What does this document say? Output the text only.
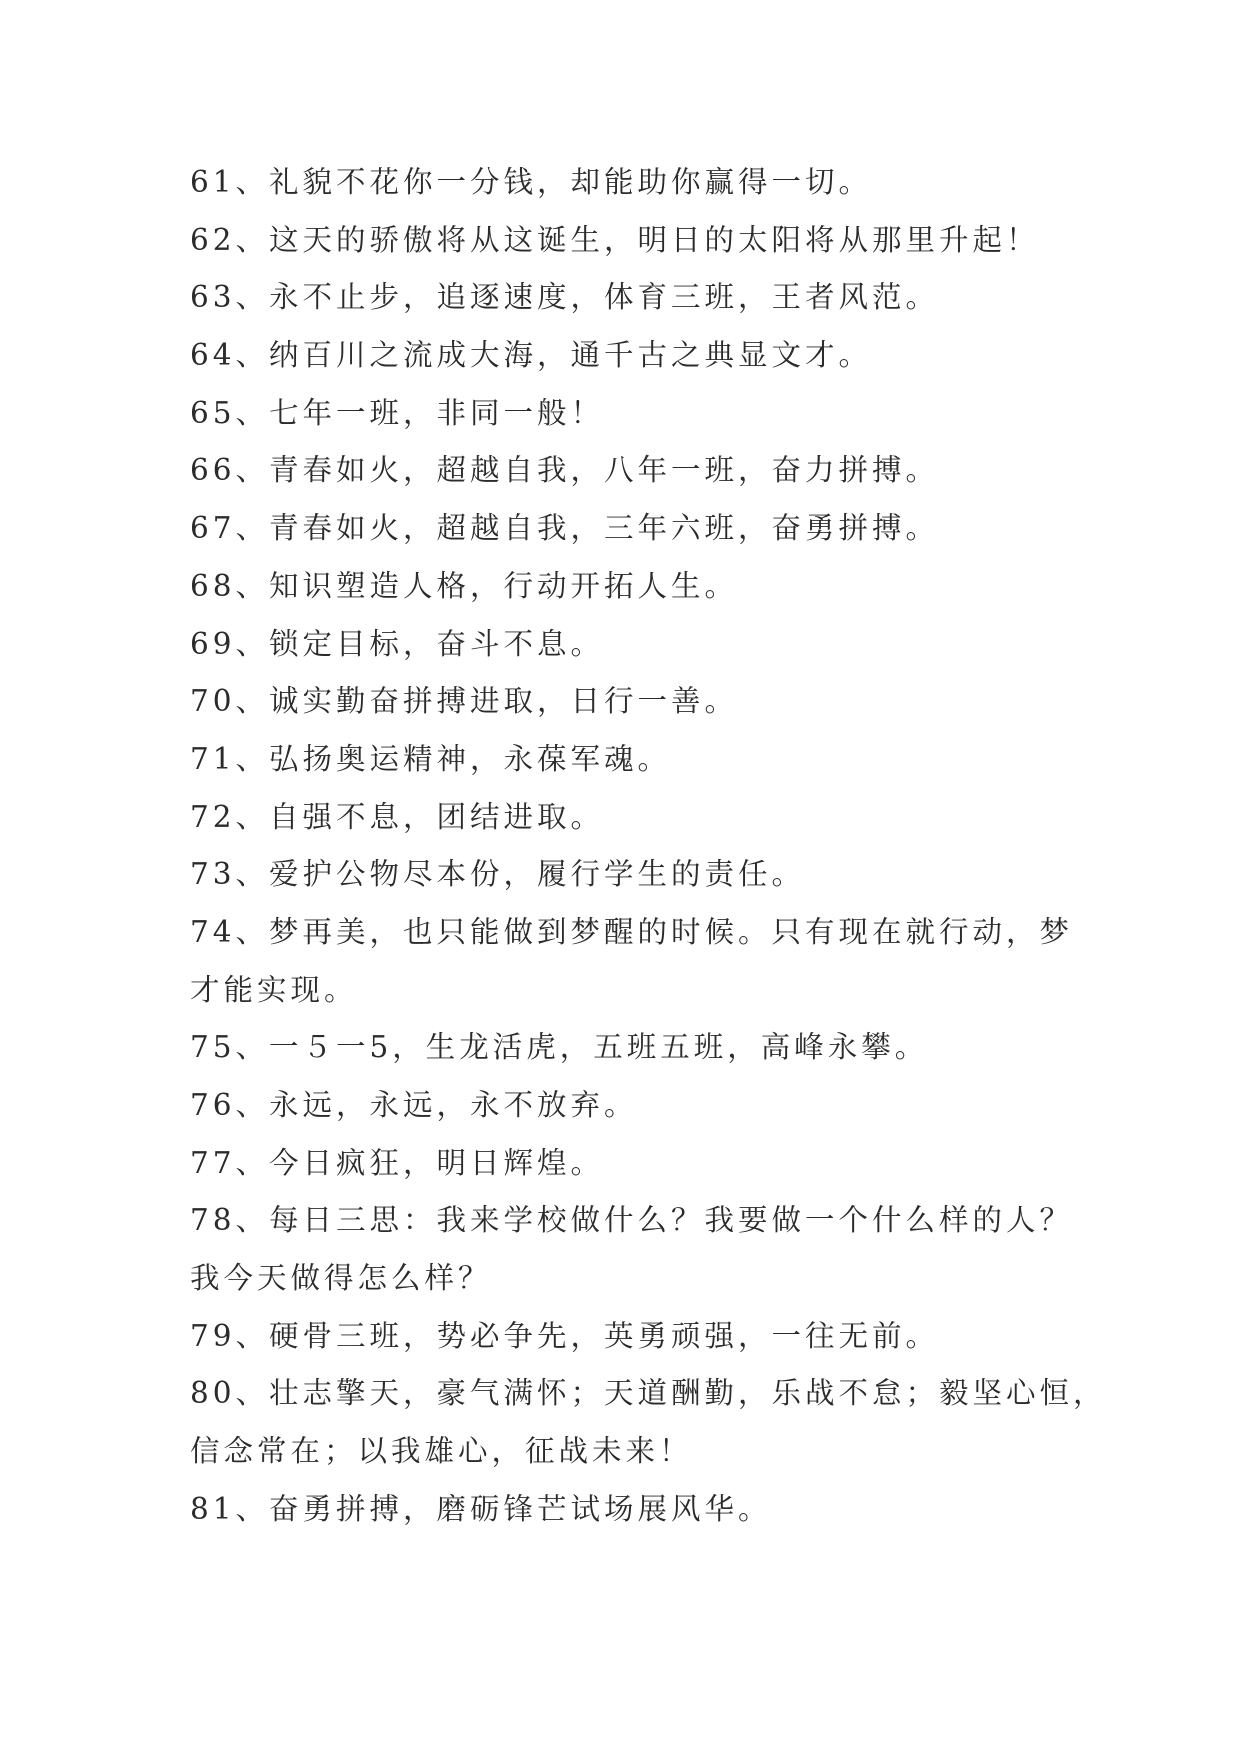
61、礼貌不花你一分钱，却能助你赢得一切。
62、这天的骄傲将从这诞生，明日的太阳将从那里升起！
63、永不止步，追逐速度，体育三班，王者风范。
64、纳百川之流成大海，通千古之典显文才。
65、七年一班，非同一般！
66、青春如火，超越自我，八年一班，奋力拼搏。
67、青春如火，超越自我，三年六班，奋勇拼搏。
68、知识塑造人格，行动开拓人生。
69、锁定目标，奋斗不息。
70、诚实勤奋拼搏进取，日行一善。
71、弘扬奥运精神，永葆军魂。
72、自强不息，团结进取。
73、爱护公物尽本份，履行学生的责任。
74、梦再美，也只能做到梦醒的时候。只有现在就行动，梦
才能实现。
75、一５一5，生龙活虎，五班五班，高峰永攀。
76、永远，永远，永不放弃。
77、今日疯狂，明日辉煌。
78、每日三思：我来学校做什么？我要做一个什么样的人？
我今天做得怎么样？
79、硬骨三班，势必争先，英勇顽强，一往无前。
80、壮志擎天，豪气满怀；天道酬勤，乐战不怠；毅坚心恒，
信念常在；以我雄心，征战未来！
81、奋勇拼搏，磨砺锋芒试场展风华。
